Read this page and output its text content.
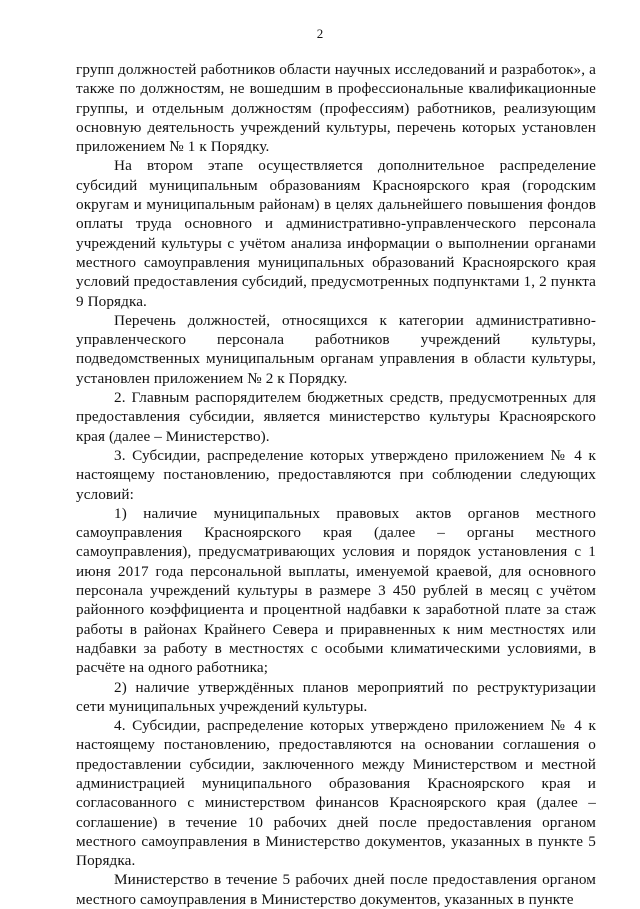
2

групп должностей работников области научных исследований и разработок», а также по должностям, не вошедшим в профессиональные квалификационные группы, и отдельным должностям (профессиям) работников, реализующим основную деятельность учреждений культуры, перечень которых установлен приложением № 1 к Порядку.

На втором этапе осуществляется дополнительное распределение субсидий муниципальным образованиям Красноярского края (городским округам и муниципальным районам) в целях дальнейшего повышения фондов оплаты труда основного и административно-управленческого персонала учреждений культуры с учётом анализа информации о выполнении органами местного самоуправления муниципальных образований Красноярского края условий предоставления субсидий, предусмотренных подпунктами 1, 2 пункта 9 Порядка.

Перечень должностей, относящихся к категории административно-управленческого персонала работников учреждений культуры, подведомственных муниципальным органам управления в области культуры, установлен приложением № 2 к Порядку.

2. Главным распорядителем бюджетных средств, предусмотренных для предоставления субсидии, является министерство культуры Красноярского края (далее – Министерство).

3. Субсидии, распределение которых утверждено приложением № 4 к настоящему постановлению, предоставляются при соблюдении следующих условий:

1) наличие муниципальных правовых актов органов местного самоуправления Красноярского края (далее – органы местного самоуправления), предусматривающих условия и порядок установления с 1 июня 2017 года персональной выплаты, именуемой краевой, для основного персонала учреждений культуры в размере 3 450 рублей в месяц с учётом районного коэффициента и процентной надбавки к заработной плате за стаж работы в районах Крайнего Севера и приравненных к ним местностях или надбавки за работу в местностях с особыми климатическими условиями, в расчёте на одного работника;

2) наличие утверждённых планов мероприятий по реструктуризации сети муниципальных учреждений культуры.

4. Субсидии, распределение которых утверждено приложением № 4 к настоящему постановлению, предоставляются на основании соглашения о предоставлении субсидии, заключенного между Министерством и местной администрацией муниципального образования Красноярского края и согласованного с министерством финансов Красноярского края (далее – соглашение) в течение 10 рабочих дней после предоставления органом местного самоуправления в Министерство документов, указанных в пункте 5 Порядка.

Министерство в течение 5 рабочих дней после предоставления органом местного самоуправления в Министерство документов, указанных в пункте
